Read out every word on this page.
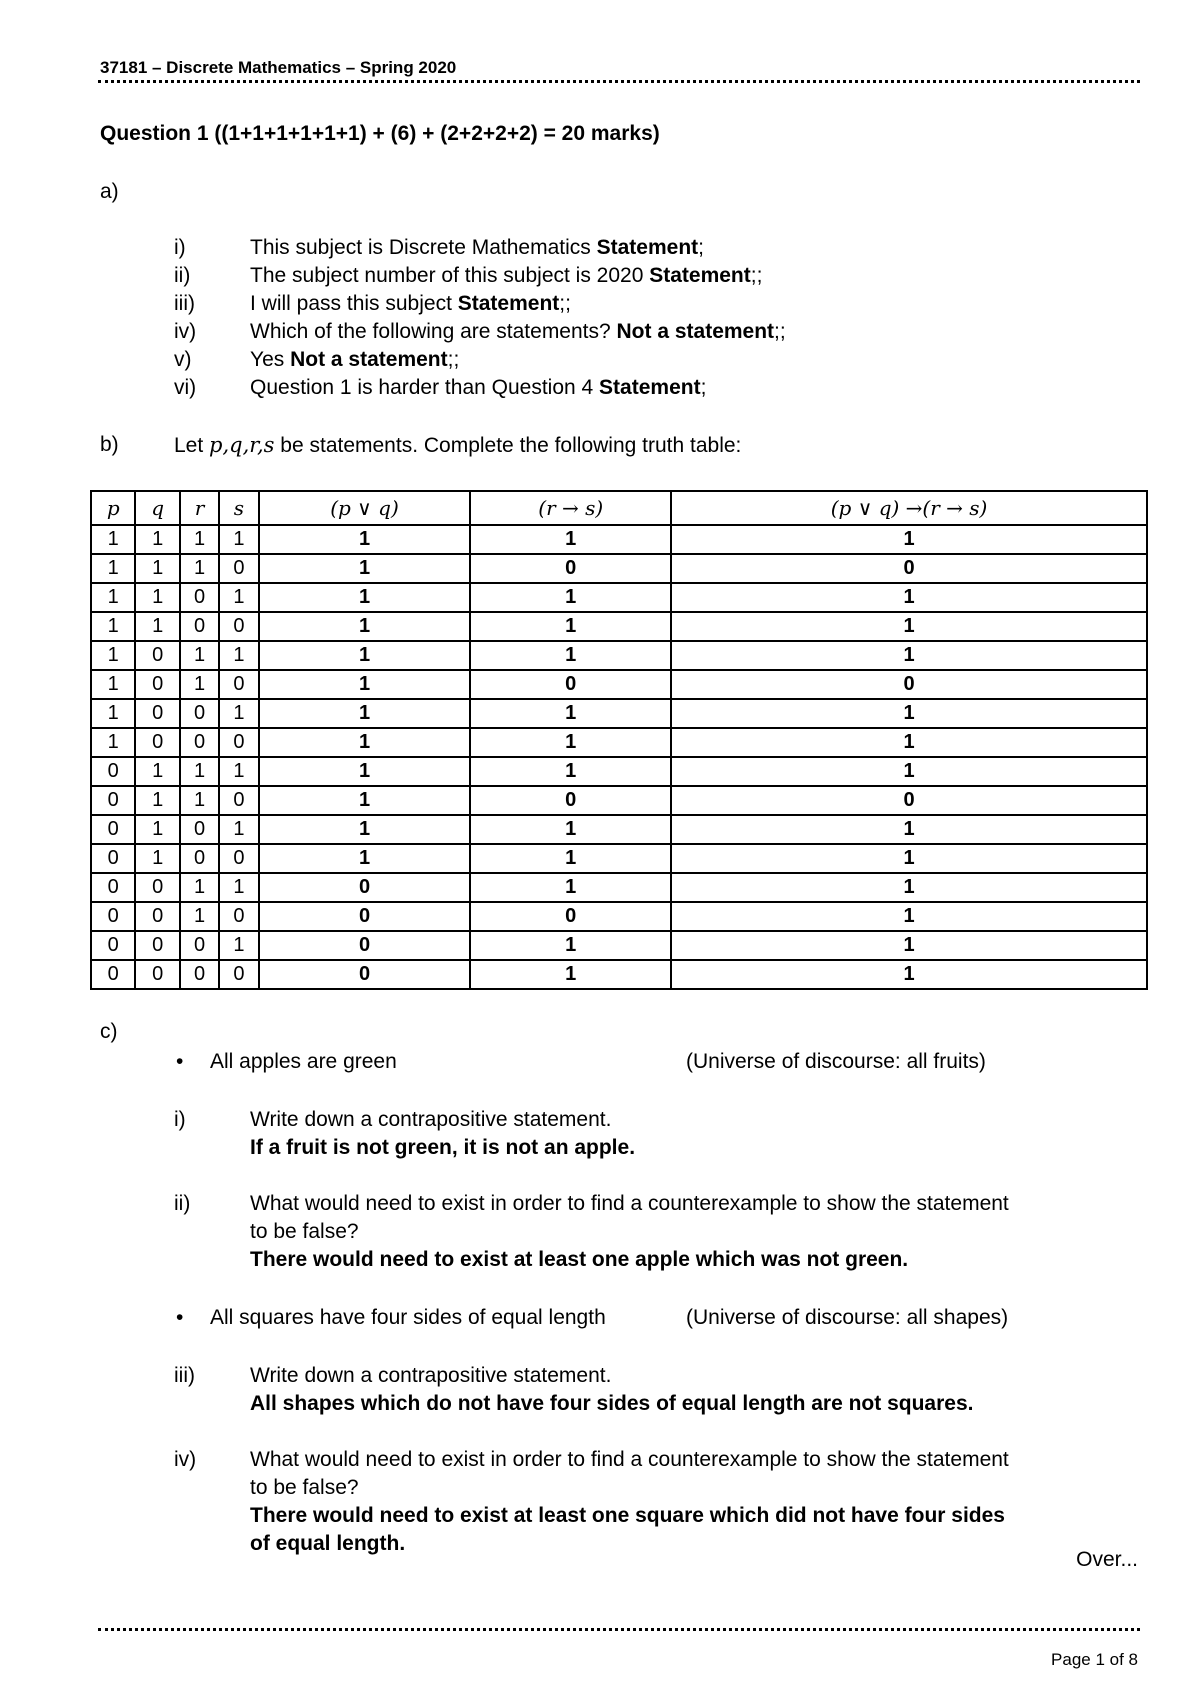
37181 – Discrete Mathematics – Spring 2020
Question 1 ((1+1+1+1+1+1) + (6) + (2+2+2+2) = 20 marks)
a)
i)	This subject is Discrete Mathematics Statement;
ii)	The subject number of this subject is 2020 Statement;;
iii)	I will pass this subject Statement;;
iv)	Which of the following are statements? Not a statement;;
v)	Yes Not a statement;;
vi)	Question 1 is harder than Question 4 Statement;
b)	Let p,q,r,s be statements. Complete the following truth table:
p	q	r	s	(p ∨ q)	(r → s)	(p ∨ q) →(r → s)
1	1	1	1	1	1	1
1	1	1	0	1	0	0
1	1	0	1	1	1	1
1	1	0	0	1	1	1
1	0	1	1	1	1	1
1	0	1	0	1	0	0
1	0	0	1	1	1	1
1	0	0	0	1	1	1
0	1	1	1	1	1	1
0	1	1	0	1	0	0
0	1	0	1	1	1	1
0	1	0	0	1	1	1
0	0	1	1	0	1	1
0	0	1	0	0	0	1
0	0	0	1	0	1	1
0	0	0	0	0	1	1
c)
• All apples are green	(Universe of discourse: all fruits)
i)	Write down a contrapositive statement.
If a fruit is not green, it is not an apple.
ii)	What would need to exist in order to find a counterexample to show the statement
to be false?
There would need to exist at least one apple which was not green.
• All squares have four sides of equal length	(Universe of discourse: all shapes)
iii)	Write down a contrapositive statement.
All shapes which do not have four sides of equal length are not squares.
iv)	What would need to exist in order to find a counterexample to show the statement
to be false?
There would need to exist at least one square which did not have four sides
of equal length.
Over...
Page 1 of 8
